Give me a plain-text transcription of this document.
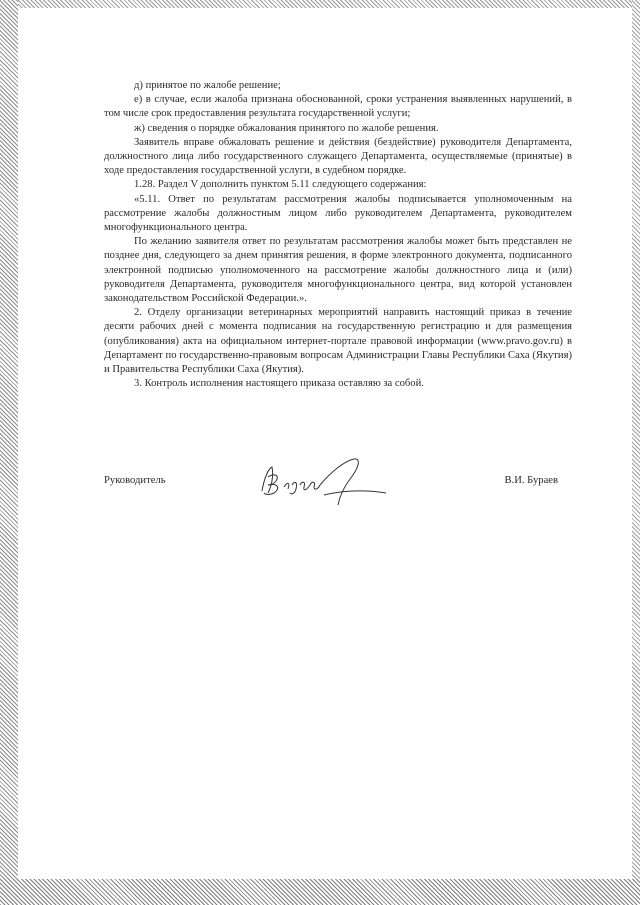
д) принятое по жалобе решение;

е) в случае, если жалоба признана обоснованной, сроки устранения выявленных нарушений, в том числе срок предоставления результата государственной услуги;

ж) сведения о порядке обжалования принятого по жалобе решения.

Заявитель вправе обжаловать решение и действия (бездействие) руководителя Департамента, должностного лица либо государственного служащего Департамента, осуществляемые (принятые) в ходе предоставления государственной услуги, в судебном порядке.

1.28. Раздел V дополнить пунктом 5.11 следующего содержания:

«5.11. Ответ по результатам рассмотрения жалобы подписывается уполномоченным на рассмотрение жалобы должностным лицом либо руководителем Департамента, руководителем многофункционального центра.

По желанию заявителя ответ по результатам рассмотрения жалобы может быть представлен не позднее дня, следующего за днем принятия решения, в форме электронного документа, подписанного электронной подписью уполномоченного на рассмотрение жалобы должностного лица и (или) руководителя Департамента, руководителя многофункционального центра, вид которой установлен законодательством Российской Федерации.».

2. Отделу организации ветеринарных мероприятий направить настоящий приказ в течение десяти рабочих дней с момента подписания на государственную регистрацию и для размещения (опубликования) акта на официальном интернет-портале правовой информации (www.pravo.gov.ru) в Департамент по государственно-правовым вопросам Администрации Главы Республики Саха (Якутия) и Правительства Республики Саха (Якутия).

3. Контроль исполнения настоящего приказа оставляю за собой.

Руководитель	В.И. Бураев
